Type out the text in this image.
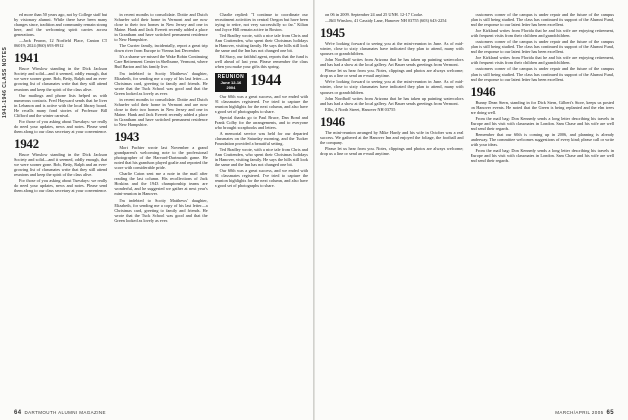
1941-1946 CLASS NOTES

ed more than 50 years ago, not by College staff but by visionary alumni. While there have been many changes since, tradition and community remain strong here, and the welcoming spirit carries across generations.

—Jack Fearon, 12 Norfield Place, Canton CT 06019; 2024 (860) 693-8912

1941

Bruce Winslow standing in the Dick Jackson Society and solid—and it seemed, oddly enough, that we were sooner gone. Bob, Betty, Ralph and an ever-growing list of classmates write that they still attend reunions and keep the spirit of the class alive.

Our mailings and phone lists helped us with numerous contacts. Fred Hayward sends that he lives in Lebanon and is active with the local library board. He recalls many fond stories of Professor Bill Clifford and the winter carnival.

For those of you asking about Tuesdays: we really do need your updates, news and notes. Please send them along to our class secretary at your convenience.

1942

Bruce Winslow standing in the Dick Jackson Society and solid—and it seemed, oddly enough, that we were sooner gone. Bob, Betty, Ralph and an ever-growing list of classmates write that they still attend reunions and keep the spirit of the class alive.

For those of you asking about Tuesdays: we really do need your updates, news and notes. Please send them along to our class secretary at your convenience.

in recent months to consolidate. Dottie and Dutch Schaefer sold their home in Vermont and are now close to their two homes in New Jersey and one in Maine. Hank and Jack Everett recently added a place in Grantham and have switched permanent residence to New Hampshire.

The Currier family, incidentally, report a great trip down river from Europe to Vienna last December.

It's a shame we missed the Wake Robin Continuing Care Retirement Center in Shelburne, Vermont, where Bud Barton and his family live.

I'm indebted to Scotty Matthews' daughter, Elizabeth, for sending me a copy of his last letter—a Christmas card, greeting to family and friends. He wrote that the Tuck School was good and that the Green looked as lovely as ever.

in recent months to consolidate. Dottie and Dutch Schaefer sold their home in Vermont and are now close to their two homes in New Jersey and one in Maine. Hank and Jack Everett recently added a place in Grantham and have switched permanent residence to New Hampshire.

1943

Mort Pachter wrote last November a grand grandparent's welcoming note to the professional photographer of the Harvard-Dartmouth game. He noted that his grandson played goalie and reported the score with considerable pride.

Charlie Caton sent me a note in the mail after reading the last column. His recollections of Jack Hoskins and the 1943 championship teams are wonderful, and he suggested we gather at next year's mini-reunion in Hanover.

I'm indebted to Scotty Matthews' daughter, Elizabeth, for sending me a copy of his last letter—a Christmas card, greeting to family and friends. He wrote that the Tuck School was good and that the Green looked as lovely as ever.

Charlie replied: "I continue to coordinate our recruitment activities in central Oregon but have been trying to retire, not very successfully so far." Kilian and Joyce Hill remain active in Boston.

Ted Bradley wrote, with a nice tale from Chris and Ann Cruttenden, who spent their Christmas holidays in Hanover, visiting family. He says the hills still look the same and the Inn has not changed one bit.

Ed Stacy, our faithful agent, reports that the fund is well ahead of last year. Please remember the class when you make your gifts this spring.

REUNION
June 12-16
2004 1944

Our 60th was a great success, and we ended with 91 classmates registered. I've tried to capture the reunion highlights for the next column, and also have a good set of photographs to share.

Special thanks go to Paul Bruce, Dan Bond and Frank Colby for the arrangements, and to everyone who brought scrapbooks and letters.

A memorial service was held for our departed classmates on the Saturday morning, and the Tucker Foundation provided a beautiful setting.

Ted Bradley wrote, with a nice tale from Chris and Ann Cruttenden, who spent their Christmas holidays in Hanover, visiting family. He says the hills still look the same and the Inn has not changed one bit.

Our 60th was a great success, and we ended with 91 classmates registered. I've tried to capture the reunion highlights for the next column, and also have a good set of photographs to share.

64 DARTMOUTH ALUMNI MAGAZINE

on 06 in 2009. September 24 and 25 UNH. 12-17 Cooke.

—Bill Winslow, 41 Cassidy Lane, Hanover NH 03755 (603) 643-2254

1945

We're looking forward to seeing you at the mini-reunion in June. As of mid-winter, close to sixty classmates have indicated they plan to attend, many with spouses or grandchildren.

John Nordhoff writes from Arizona that he has taken up painting watercolors and has had a show at the local gallery. Art Bauer sends greetings from Vermont.

Please let us hear from you. Notes, clippings and photos are always welcome; drop us a line or send an e-mail anytime.

We're looking forward to seeing you at the mini-reunion in June. As of mid-winter, close to sixty classmates have indicated they plan to attend, many with spouses or grandchildren.

John Nordhoff writes from Arizona that he has taken up painting watercolors and has had a show at the local gallery. Art Bauer sends greetings from Vermont.

Ellis, 4 North Street, Hanover NH 03755

1946

The mini-reunion arranged by Mike Hardy and his wife in October was a real success. We gathered at the Hanover Inn and enjoyed the foliage, the football and the company.

Please let us hear from you. Notes, clippings and photos are always welcome; drop us a line or send an e-mail anytime.

customers corner of the campus is under repair and the future of the campus plan is still being studied. The class has continued its support of the Alumni Fund, and the response to our latest letter has been excellent.

Joe Kirkland writes from Florida that he and his wife are enjoying retirement, with frequent visits from their children and grandchildren.

customers corner of the campus is under repair and the future of the campus plan is still being studied. The class has continued its support of the Alumni Fund, and the response to our latest letter has been excellent.

Joe Kirkland writes from Florida that he and his wife are enjoying retirement, with frequent visits from their children and grandchildren.

customers corner of the campus is under repair and the future of the campus plan is still being studied. The class has continued its support of the Alumni Fund, and the response to our latest letter has been excellent.

1946

Bunny Dean Stern, standing in for Dick Stern, Gilbert's Store, keeps us posted on Hanover events. He noted that the Green is being replanted and the elm trees are doing well.

From the mail bag: Don Kennedy sends a long letter describing his travels in Europe and his visit with classmates in London. Sam Chase and his wife are well and send their regards.

Remember that our 60th is coming up in 2006, and planning is already underway. The committee welcomes suggestions of every kind; please call or write with your ideas.

From the mail bag: Don Kennedy sends a long letter describing his travels in Europe and his visit with classmates in London. Sam Chase and his wife are well and send their regards.

MARCH/APRIL 2005 65
